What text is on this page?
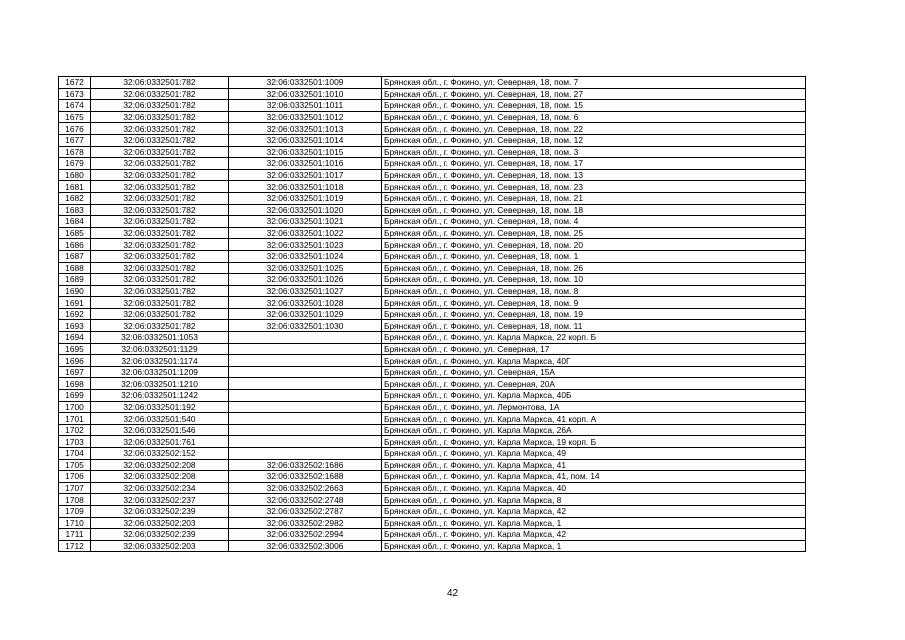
1672	32:06:0332501:782	32:06:0332501:1009	Брянская обл., г. Фокино, ул. Северная, 18, пом. 7
1673	32:06:0332501:782	32:06:0332501:1010	Брянская обл., г. Фокино, ул. Северная, 18, пом. 27
1674	32:06:0332501:782	32:06:0332501:1011	Брянская обл., г. Фокино, ул. Северная, 18, пом. 15
1675	32:06:0332501:782	32:06:0332501:1012	Брянская обл., г. Фокино, ул. Северная, 18, пом. 6
1676	32:06:0332501:782	32:06:0332501:1013	Брянская обл., г. Фокино, ул. Северная, 18, пом. 22
1677	32:06:0332501:782	32:06:0332501:1014	Брянская обл., г. Фокино, ул. Северная, 18, пом. 12
1678	32:06:0332501:782	32:06:0332501:1015	Брянская обл., г. Фокино, ул. Северная, 18, пом. 3
1679	32:06:0332501:782	32:06:0332501:1016	Брянская обл., г. Фокино, ул. Северная, 18, пом. 17
1680	32:06:0332501:782	32:06:0332501:1017	Брянская обл., г. Фокино, ул. Северная, 18, пом. 13
1681	32:06:0332501:782	32:06:0332501:1018	Брянская обл., г. Фокино, ул. Северная, 18, пом. 23
1682	32:06:0332501:782	32:06:0332501:1019	Брянская обл., г. Фокино, ул. Северная, 18, пом. 21
1683	32:06:0332501:782	32:06:0332501:1020	Брянская обл., г. Фокино, ул. Северная, 18, пом. 18
1684	32:06:0332501:782	32:06:0332501:1021	Брянская обл., г. Фокино, ул. Северная, 18, пом. 4
1685	32:06:0332501:782	32:06:0332501:1022	Брянская обл., г. Фокино, ул. Северная, 18, пом. 25
1686	32:06:0332501:782	32:06:0332501:1023	Брянская обл., г. Фокино, ул. Северная, 18, пом. 20
1687	32:06:0332501:782	32:06:0332501:1024	Брянская обл., г. Фокино, ул. Северная, 18, пом. 1
1688	32:06:0332501:782	32:06:0332501:1025	Брянская обл., г. Фокино, ул. Северная, 18, пом. 26
1689	32:06:0332501:782	32:06:0332501:1026	Брянская обл., г. Фокино, ул. Северная, 18, пом. 10
1690	32:06:0332501:782	32:06:0332501:1027	Брянская обл., г. Фокино, ул. Северная, 18, пом. 8
1691	32:06:0332501:782	32:06:0332501:1028	Брянская обл., г. Фокино, ул. Северная, 18, пом. 9
1692	32:06:0332501:782	32:06:0332501:1029	Брянская обл., г. Фокино, ул. Северная, 18, пом. 19
1693	32:06:0332501:782	32:06:0332501:1030	Брянская обл., г. Фокино, ул. Северная, 18, пом. 11
1694	32:06:0332501:1053		Брянская обл., г. Фокино, ул. Карла Маркса, 22 корп. Б
1695	32:06:0332501:1129		Брянская обл., г. Фокино, ул. Северная, 17
1696	32:06:0332501:1174		Брянская обл., г. Фокино, ул. Карла Маркса, 40Г
1697	32:06:0332501:1209		Брянская обл., г. Фокино, ул. Северная, 15А
1698	32:06:0332501:1210		Брянская обл., г. Фокино, ул. Северная, 20А
1699	32:06:0332501:1242		Брянская обл., г. Фокино, ул. Карла Маркса, 40Б
1700	32:06:0332501:192		Брянская обл., г. Фокино, ул. Лермонтова, 1А
1701	32:06:0332501:540		Брянская обл., г. Фокино, ул. Карла Маркса, 41 корп. А
1702	32:06:0332501:546		Брянская обл., г. Фокино, ул. Карла Маркса, 26А
1703	32:06:0332501:761		Брянская обл., г. Фокино, ул. Карла Маркса, 19 корп. Б
1704	32:06:0332502:152		Брянская обл., г. Фокино, ул. Карла Маркса, 49
1705	32:06:0332502:208	32:06:0332502:1686	Брянская обл., г. Фокино, ул. Карла Маркса, 41
1706	32:06:0332502:208	32:06:0332502:1688	Брянская обл., г. Фокино, ул. Карла Маркса, 41, пом. 14
1707	32:06:0332502:234	32:06:0332502:2663	Брянская обл., г. Фокино, ул. Карла Маркса, 40
1708	32:06:0332502:237	32:06:0332502:2748	Брянская обл., г. Фокино, ул. Карла Маркса, 8
1709	32:06:0332502:239	32:06:0332502:2787	Брянская обл., г. Фокино, ул. Карла Маркса, 42
1710	32:06:0332502:203	32:06:0332502:2982	Брянская обл., г. Фокино, ул. Карла Маркса, 1
1711	32:06:0332502:239	32:06:0332502:2994	Брянская обл., г. Фокино, ул. Карла Маркса, 42
1712	32:06:0332502:203	32:06:0332502:3006	Брянская обл., г. Фокино, ул. Карла Маркса, 1
42
